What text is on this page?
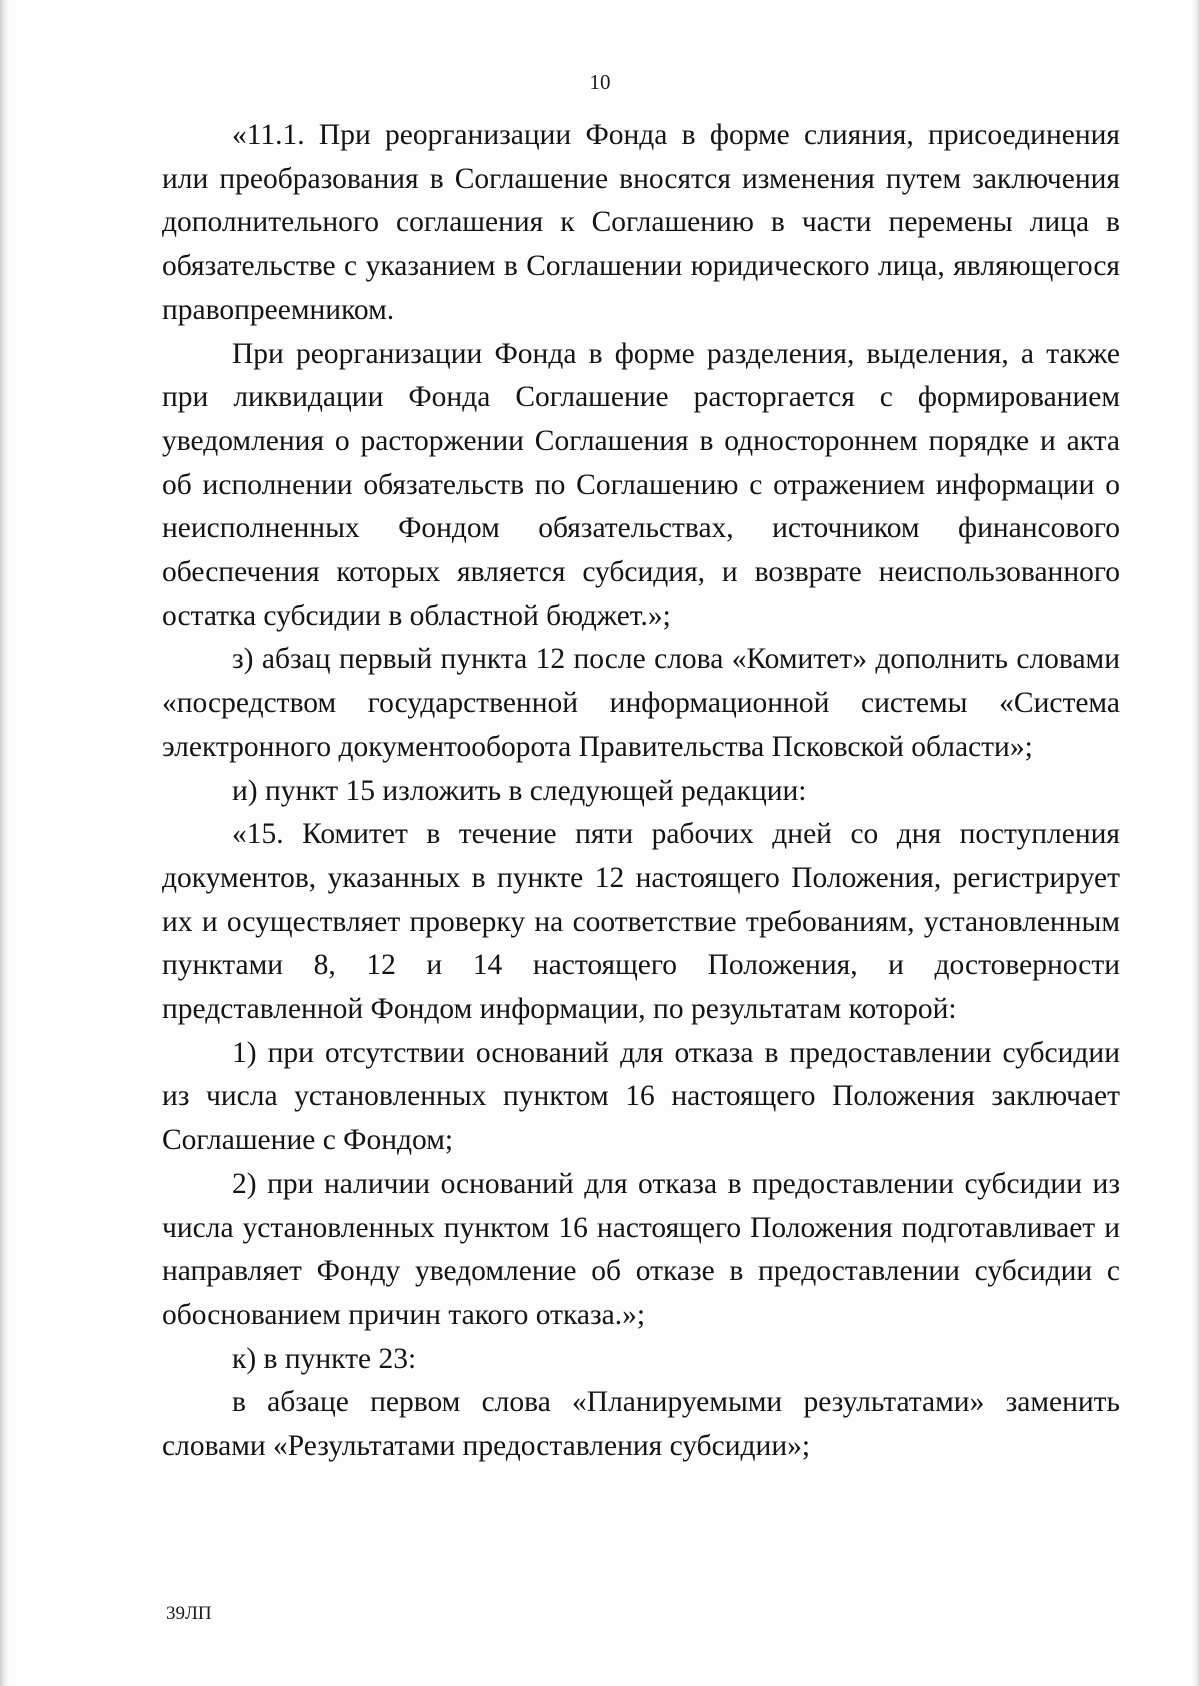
10

«11.1. При реорганизации Фонда в форме слияния, присоединения или преобразования в Соглашение вносятся изменения путем заключения дополнительного соглашения к Соглашению в части перемены лица в обязательстве с указанием в Соглашении юридического лица, являющегося правопреемником.

При реорганизации Фонда в форме разделения, выделения, а также при ликвидации Фонда Соглашение расторгается с формированием уведомления о расторжении Соглашения в одностороннем порядке и акта об исполнении обязательств по Соглашению с отражением информации о неисполненных Фондом обязательствах, источником финансового обеспечения которых является субсидия, и возврате неиспользованного остатка субсидии в областной бюджет.»;

з) абзац первый пункта 12 после слова «Комитет» дополнить словами «посредством государственной информационной системы «Система электронного документооборота Правительства Псковской области»;

и) пункт 15 изложить в следующей редакции:

«15. Комитет в течение пяти рабочих дней со дня поступления документов, указанных в пункте 12 настоящего Положения, регистрирует их и осуществляет проверку на соответствие требованиям, установленным пунктами 8, 12 и 14 настоящего Положения, и достоверности представленной Фондом информации, по результатам которой:

1) при отсутствии оснований для отказа в предоставлении субсидии из числа установленных пунктом 16 настоящего Положения заключает Соглашение с Фондом;

2) при наличии оснований для отказа в предоставлении субсидии из числа установленных пунктом 16 настоящего Положения подготавливает и направляет Фонду уведомление об отказе в предоставлении субсидии с обоснованием причин такого отказа.»;

к) в пункте 23:

в абзаце первом слова «Планируемыми результатами» заменить словами «Результатами предоставления субсидии»;

39ЛП
